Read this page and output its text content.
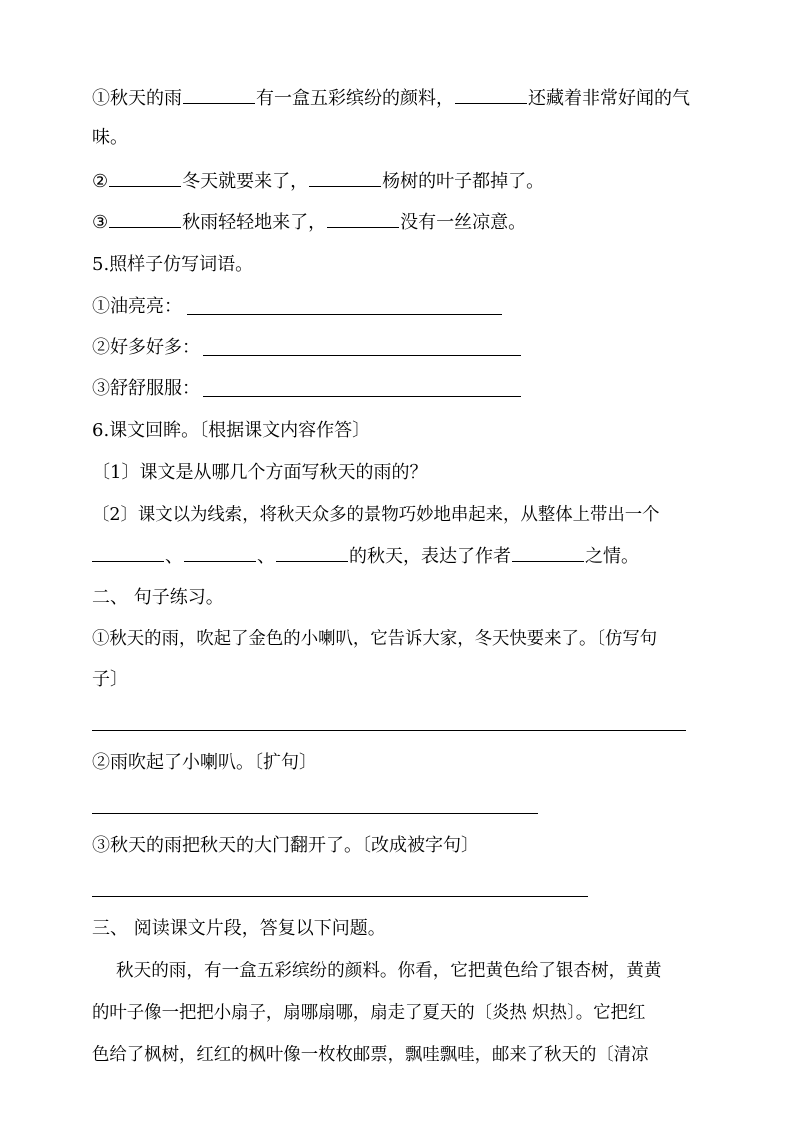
①秋天的雨	有一盒五彩缤纷的颜料，	还藏着非常好闻的气
味。
②	冬天就要来了，	杨树的叶子都掉了。
③	秋雨轻轻地来了，	没有一丝凉意。
5.照样子仿写词语。
①油亮亮：
②好多好多：
③舒舒服服：
6.课文回眸。〔根据课文内容作答〕
〔1〕课文是从哪几个方面写秋天的雨的？
〔2〕课文以为线索，将秋天众多的景物巧妙地串起来，从整体上带出一个
、	、	的秋天，表达了作者	之情。
二、 句子练习。
①秋天的雨，吹起了金色的小喇叭，它告诉大家，冬天快要来了。〔仿写句
子〕
②雨吹起了小喇叭。〔扩句〕
③秋天的雨把秋天的大门翻开了。〔改成被字句〕
三、 阅读课文片段，答复以下问题。
秋天的雨，有一盒五彩缤纷的颜料。你看，它把黄色给了银杏树，黄黄
的叶子像一把把小扇子，扇哪扇哪，扇走了夏天的〔炎热 炽热〕。它把红
色给了枫树，红红的枫叶像一枚枚邮票，飘哇飘哇，邮来了秋天的〔清凉
